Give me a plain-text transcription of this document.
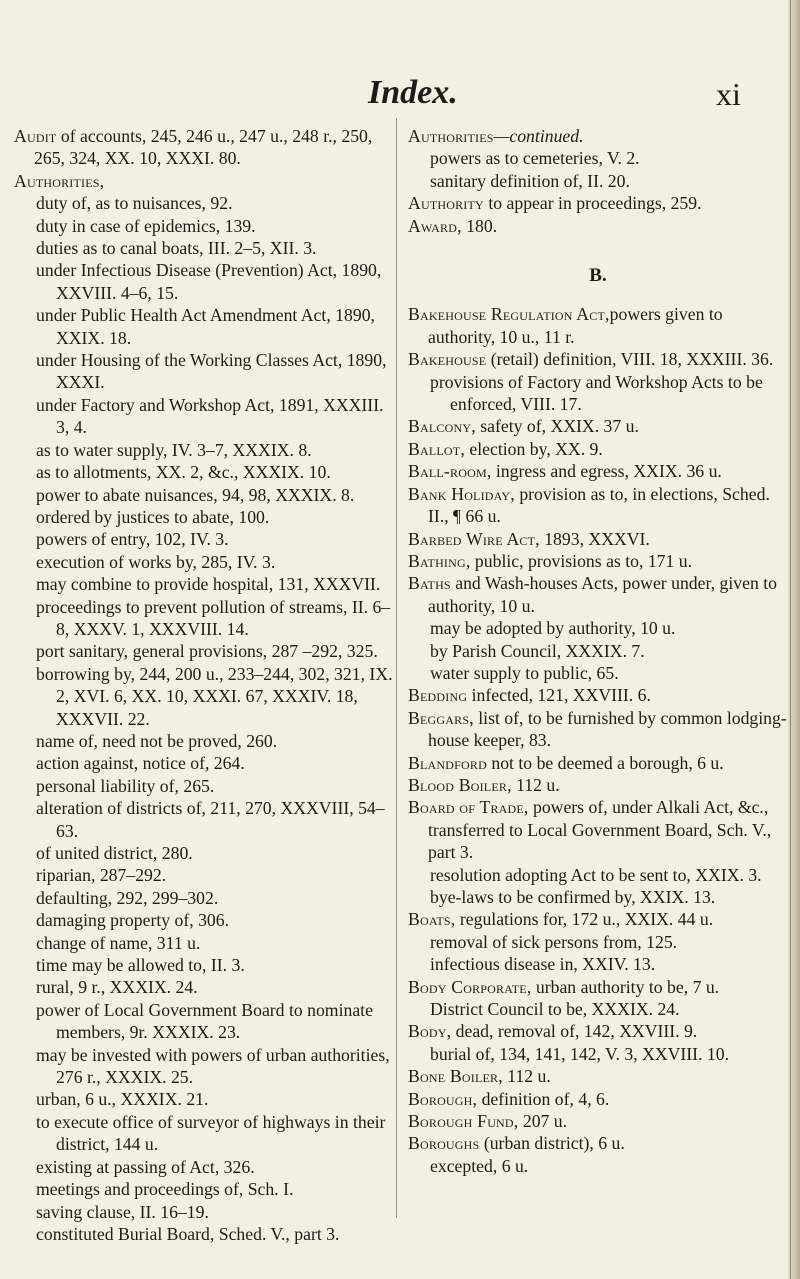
Index.	xi
Audit of accounts, 245, 246 u., 247 u., 248 r., 250, 265, 324, XX. 10, XXXI. 80.
Authorities,
duty of, as to nuisances, 92.
duty in case of epidemics, 139.
duties as to canal boats, III. 2–5, XII. 3.
under Infectious Disease (Prevention) Act, 1890, XXVIII. 4–6, 15.
under Public Health Act Amendment Act, 1890, XXIX. 18.
under Housing of the Working Classes Act, 1890, XXXI.
under Factory and Workshop Act, 1891, XXXIII. 3, 4.
as to water supply, IV. 3–7, XXXIX. 8.
as to allotments, XX. 2, &c., XXXIX. 10.
power to abate nuisances, 94, 98, XXXIX. 8.
ordered by justices to abate, 100.
powers of entry, 102, IV. 3.
execution of works by, 285, IV. 3.
may combine to provide hospital, 131, XXXVII.
proceedings to prevent pollution of streams, II. 6–8, XXXV. 1, XXXVIII. 14.
port sanitary, general provisions, 287 –292, 325.
borrowing by, 244, 200 u., 233–244, 302, 321, IX. 2, XVI. 6, XX. 10, XXXI. 67, XXXIV. 18, XXXVII. 22.
name of, need not be proved, 260.
action against, notice of, 264.
personal liability of, 265.
alteration of districts of, 211, 270, XXXVIII, 54–63.
of united district, 280.
riparian, 287–292.
defaulting, 292, 299–302.
damaging property of, 306.
change of name, 311 u.
time may be allowed to, II. 3.
rural, 9 r., XXXIX. 24.
power of Local Government Board to nominate members, 9r. XXXIX. 23.
may be invested with powers of urban authorities, 276 r., XXXIX. 25.
urban, 6 u., XXXIX. 21.
to execute office of surveyor of highways in their district, 144 u.
existing at passing of Act, 326.
meetings and proceedings of, Sch. I.
saving clause, II. 16–19.
constituted Burial Board, Sched. V., part 3.
Authorities—continued.
powers as to cemeteries, V. 2.
sanitary definition of, II. 20.
Authority to appear in proceedings, 259.
Award, 180.
B.
Bakehouse Regulation Act,powers given to authority, 10 u., 11 r.
Bakehouse (retail) definition, VIII. 18, XXXIII. 36.
provisions of Factory and Workshop Acts to be enforced, VIII. 17.
Balcony, safety of, XXIX. 37 u.
Ballot, election by, XX. 9.
Ball-room, ingress and egress, XXIX. 36 u.
Bank Holiday, provision as to, in elections, Sched. II., ¶ 66 u.
Barbed Wire Act, 1893, XXXVI.
Bathing, public, provisions as to, 171 u.
Baths and Wash-houses Acts, power under, given to authority, 10 u.
may be adopted by authority, 10 u.
by Parish Council, XXXIX. 7.
water supply to public, 65.
Bedding infected, 121, XXVIII. 6.
Beggars, list of, to be furnished by common lodging-house keeper, 83.
Blandford not to be deemed a borough, 6 u.
Blood Boiler, 112 u.
Board of Trade, powers of, under Alkali Act, &c., transferred to Local Government Board, Sch. V., part 3.
resolution adopting Act to be sent to, XXIX. 3.
bye-laws to be confirmed by, XXIX. 13.
Boats, regulations for, 172 u., XXIX. 44 u.
removal of sick persons from, 125.
infectious disease in, XXIV. 13.
Body Corporate, urban authority to be, 7 u.
District Council to be, XXXIX. 24.
Body, dead, removal of, 142, XXVIII. 9.
burial of, 134, 141, 142, V. 3, XXVIII. 10.
Bone Boiler, 112 u.
Borough, definition of, 4, 6.
Borough Fund, 207 u.
Boroughs (urban district), 6 u.
excepted, 6 u.
